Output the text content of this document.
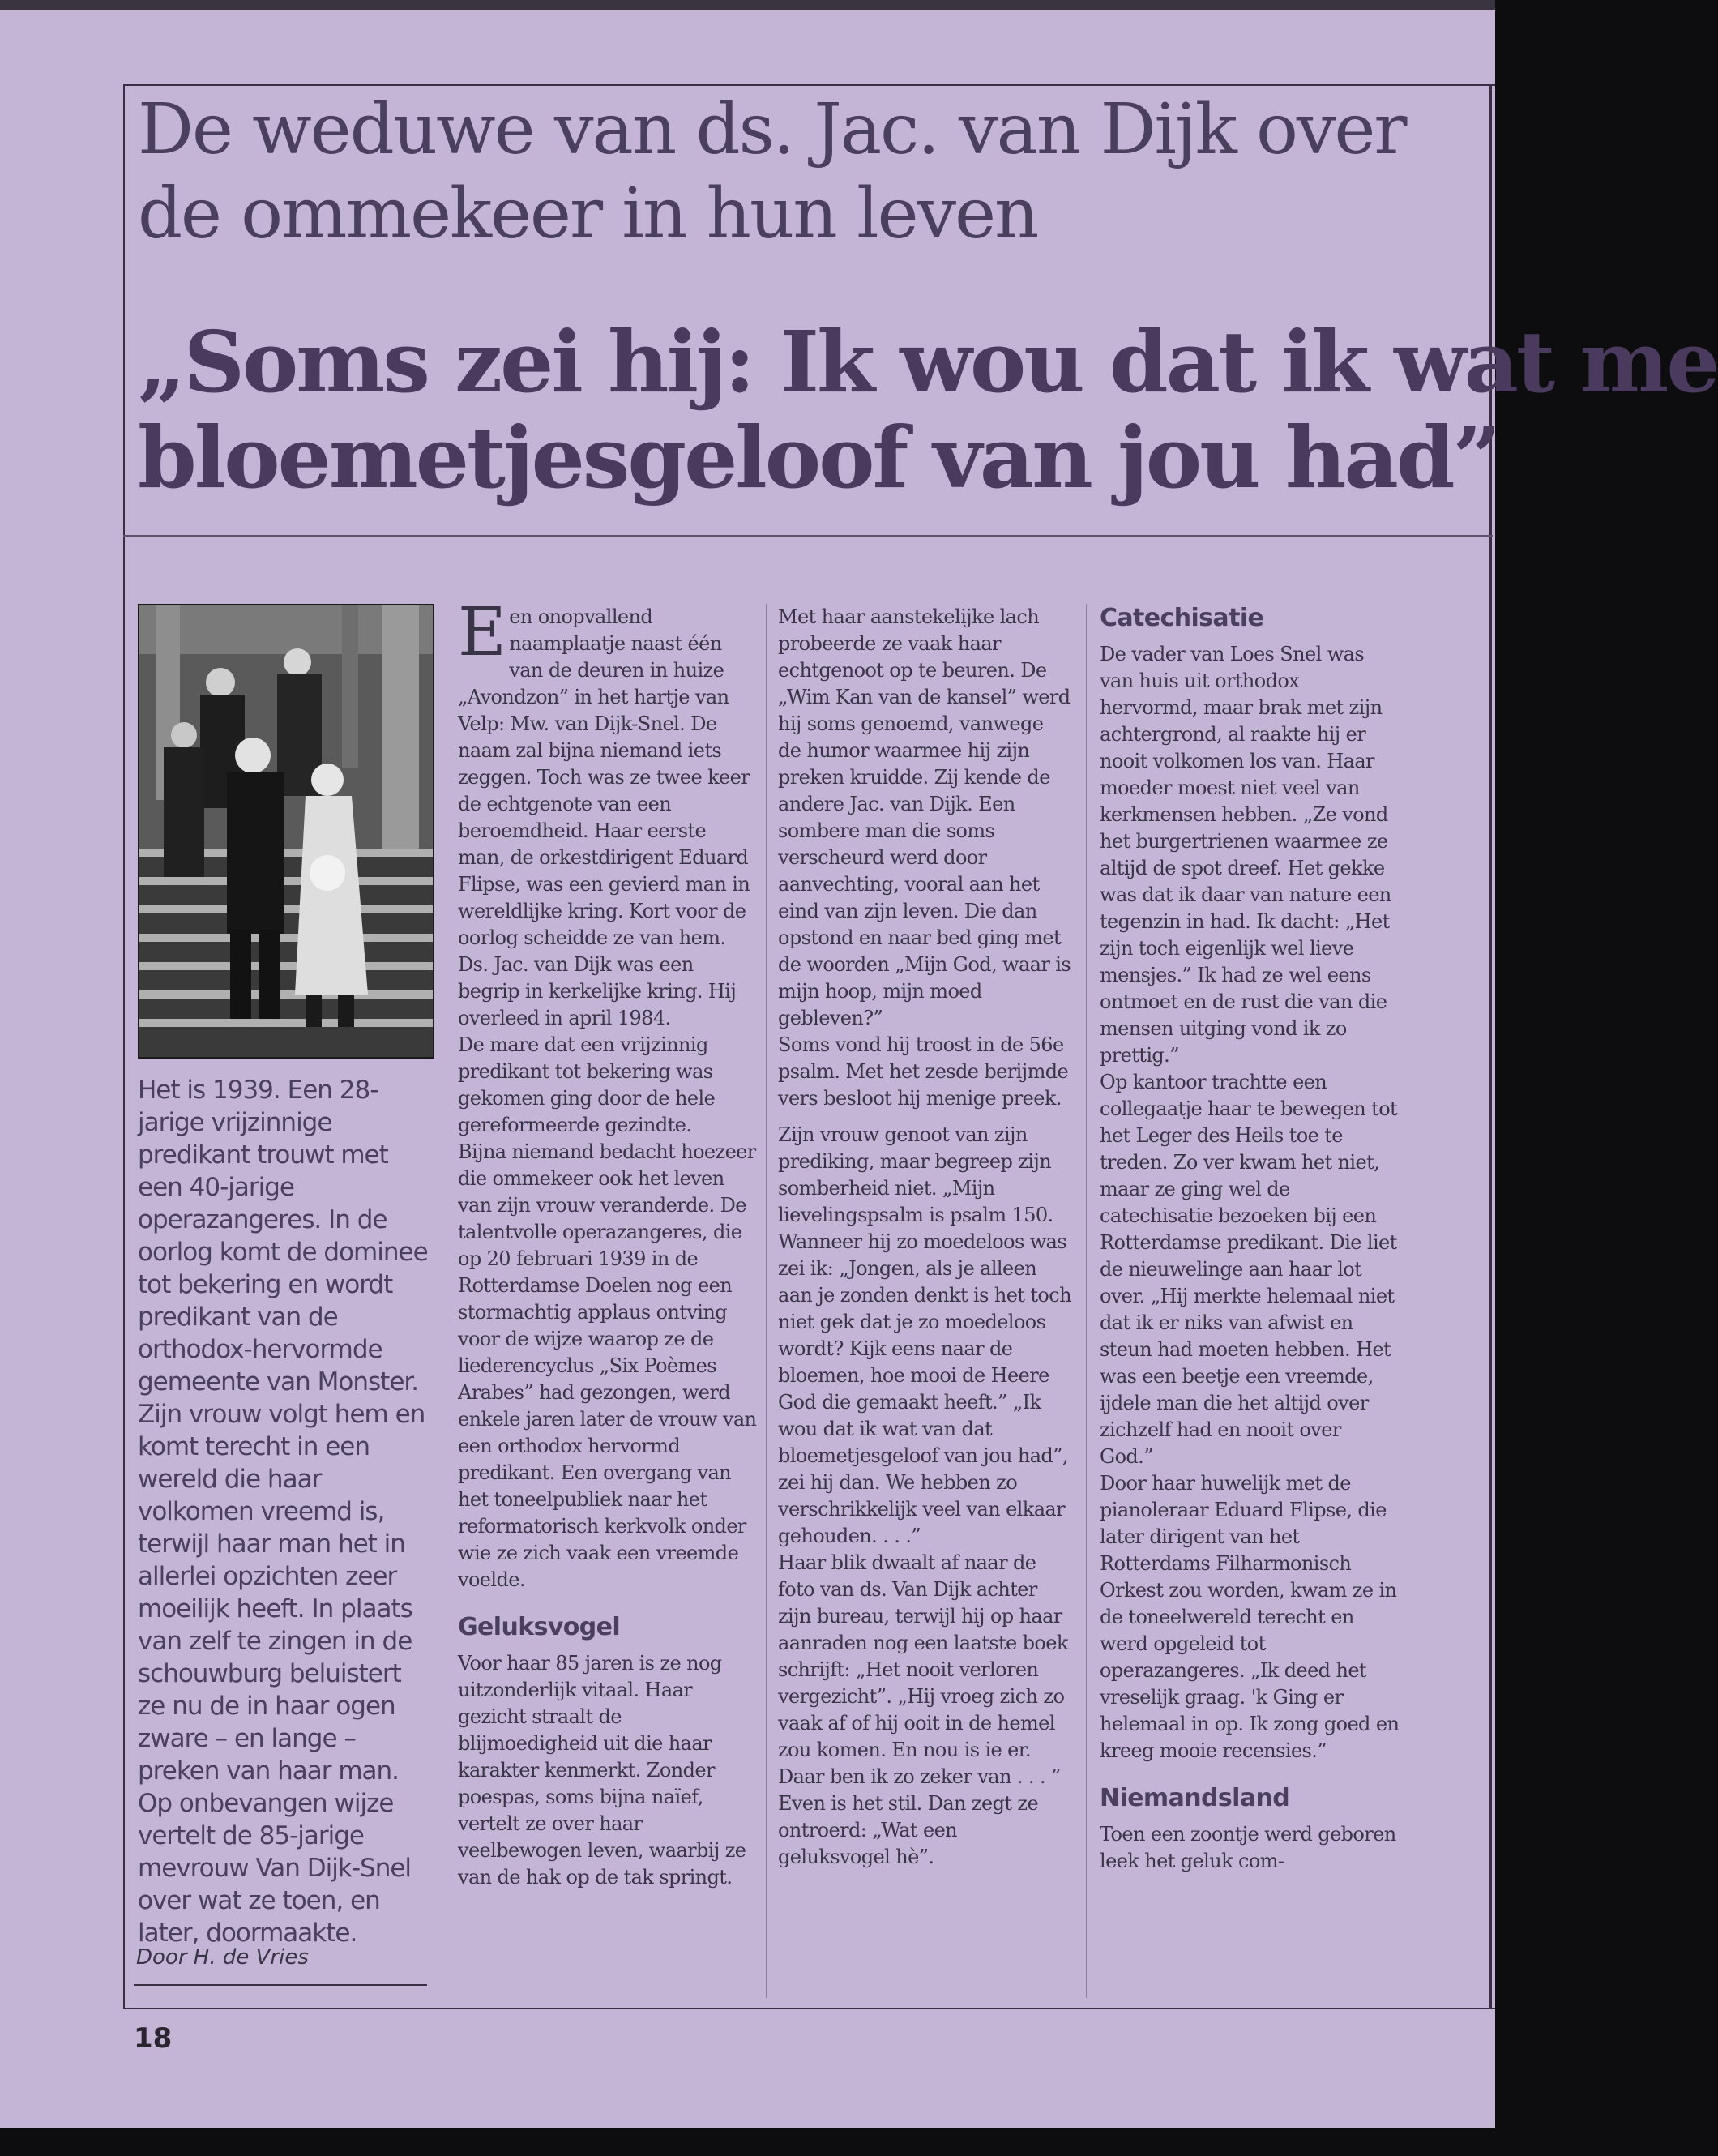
De weduwe van ds. Jac. van Dijk over de ommekeer in hun leven
„Soms zei hij: Ik wou dat ik wat me
bloemetjesgeloof van jou had”

Het is 1939. Een 28-jarige vrijzinnige predikant trouwt met een 40-jarige operazangeres. In de oorlog komt de dominee tot bekering en wordt predikant van de orthodox-hervormde gemeente van Monster. Zijn vrouw volgt hem en komt terecht in een wereld die haar volkomen vreemd is, terwijl haar man het in allerlei opzichten zeer moeilijk heeft. In plaats van zelf te zingen in de schouwburg beluistert ze nu de in haar ogen zware – en lange – preken van haar man. Op onbevangen wijze vertelt de 85-jarige mevrouw Van Dijk-Snel over wat ze toen, en later, doormaakte.

Door H. de Vries

Een onopvallend naamplaatje naast één van de deuren in huize „Avondzon” in het hartje van Velp: Mw. van Dijk-Snel. De naam zal bijna niemand iets zeggen. Toch was ze twee keer de echtgenote van een beroemdheid. Haar eerste man, de orkestdirigent Eduard Flipse, was een gevierd man in wereldlijke kring. Kort voor de oorlog scheidde ze van hem. Ds. Jac. van Dijk was een begrip in kerkelijke kring. Hij overleed in april 1984.

De mare dat een vrijzinnig predikant tot bekering was gekomen ging door de hele gereformeerde gezindte.

Bijna niemand bedacht hoezeer die ommekeer ook het leven van zijn vrouw veranderde. De talentvolle operazangeres, die op 20 februari 1939 in de Rotterdamse Doelen nog een stormachtig applaus ontving voor de wijze waarop ze de liederencyclus „Six Poèmes Arabes” had gezongen, werd enkele jaren later de vrouw van een orthodox hervormd predikant. Een overgang van het toneelpubliek naar het reformatorisch kerkvolk onder wie ze zich vaak een vreemde voelde.

Geluksvogel

Voor haar 85 jaren is ze nog uitzonderlijk vitaal. Haar gezicht straalt de blijmoedigheid uit die haar karakter kenmerkt. Zonder poespas, soms bijna naïef, vertelt ze over haar veelbewogen leven, waarbij ze van de hak op de tak springt.

Met haar aanstekelijke lach probeerde ze vaak haar echtgenoot op te beuren. De „Wim Kan van de kansel” werd hij soms genoemd, vanwege de humor waarmee hij zijn preken kruidde. Zij kende de andere Jac. van Dijk. Een sombere man die soms verscheurd werd door aanvechting, vooral aan het eind van zijn leven. Die dan opstond en naar bed ging met de woorden „Mijn God, waar is mijn hoop, mijn moed gebleven?”

Soms vond hij troost in de 56e psalm. Met het zesde berijmde vers besloot hij menige preek.

Zijn vrouw genoot van zijn prediking, maar begreep zijn somberheid niet. „Mijn lievelingspsalm is psalm 150. Wanneer hij zo moedeloos was zei ik: „Jongen, als je alleen aan je zonden denkt is het toch niet gek dat je zo moedeloos wordt? Kijk eens naar de bloemen, hoe mooi de Heere God die gemaakt heeft.” „Ik wou dat ik wat van dat bloemetjesgeloof van jou had”, zei hij dan. We hebben zo verschrikkelijk veel van elkaar gehouden. . . .”

Haar blik dwaalt af naar de foto van ds. Van Dijk achter zijn bureau, terwijl hij op haar aanraden nog een laatste boek schrijft: „Het nooit verloren vergezicht”. „Hij vroeg zich zo vaak af of hij ooit in de hemel zou komen. En nou is ie er. Daar ben ik zo zeker van . . . ”

Even is het stil. Dan zegt ze ontroerd: „Wat een geluksvogel hè”.

Catechisatie

De vader van Loes Snel was van huis uit orthodox hervormd, maar brak met zijn achtergrond, al raakte hij er nooit volkomen los van. Haar moeder moest niet veel van kerkmensen hebben. „Ze vond het burgertrienen waarmee ze altijd de spot dreef. Het gekke was dat ik daar van nature een tegenzin in had. Ik dacht: „Het zijn toch eigenlijk wel lieve mensjes.” Ik had ze wel eens ontmoet en de rust die van die mensen uitging vond ik zo prettig.”

Op kantoor trachtte een collegaatje haar te bewegen tot het Leger des Heils toe te treden. Zo ver kwam het niet, maar ze ging wel de catechisatie bezoeken bij een Rotterdamse predikant. Die liet de nieuwelinge aan haar lot over. „Hij merkte helemaal niet dat ik er niks van afwist en steun had moeten hebben. Het was een beetje een vreemde, ijdele man die het altijd over zichzelf had en nooit over God.”

Door haar huwelijk met de pianoleraar Eduard Flipse, die later dirigent van het Rotterdams Filharmonisch Orkest zou worden, kwam ze in de toneelwereld terecht en werd opgeleid tot operazangeres. „Ik deed het vreselijk graag. 'k Ging er helemaal in op. Ik zong goed en kreeg mooie recensies.”

Niemandsland

Toen een zoontje werd geboren leek het geluk com-

18
